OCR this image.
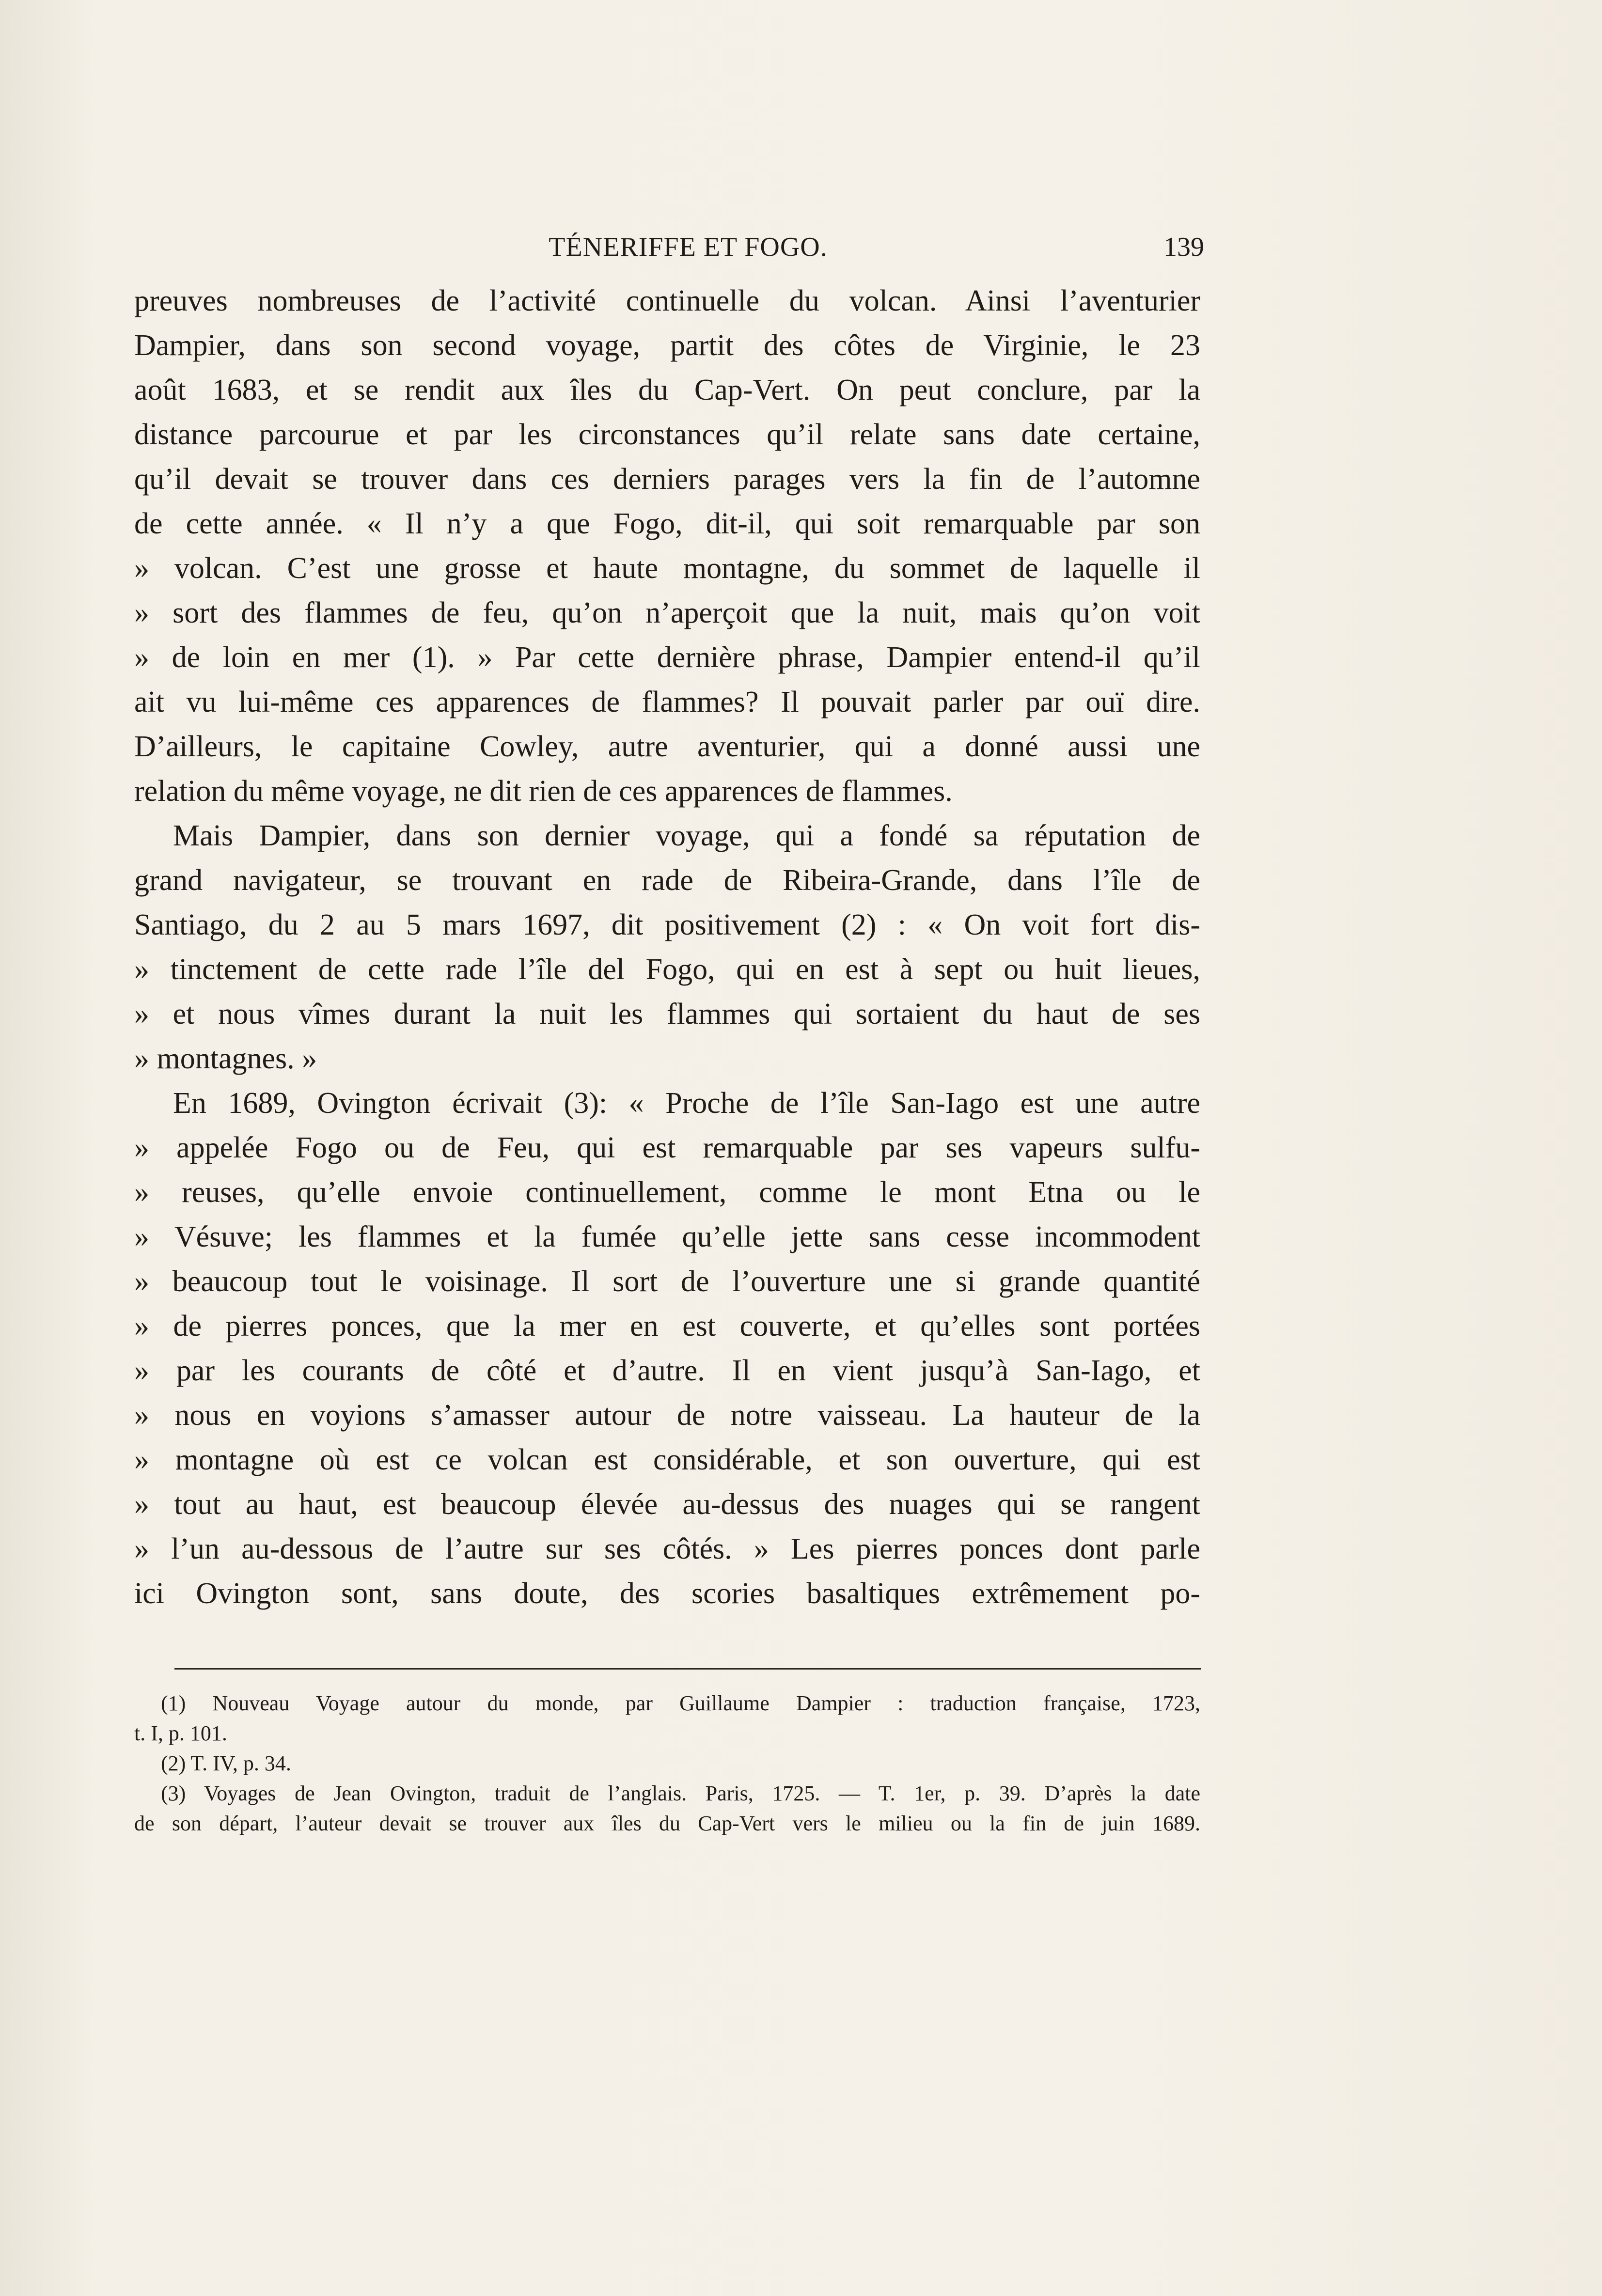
TÉNERIFFE ET FOGO.	139
preuves nombreuses de l’activité continuelle du volcan. Ainsi l’aventurier
Dampier, dans son second voyage, partit des côtes de Virginie, le 23
août 1683, et se rendit aux îles du Cap-Vert. On peut conclure, par la
distance parcourue et par les circonstances qu’il relate sans date certaine,
qu’il devait se trouver dans ces derniers parages vers la fin de l’automne
de cette année. « Il n’y a que Fogo, dit-il, qui soit remarquable par son
» volcan. C’est une grosse et haute montagne, du sommet de laquelle il
» sort des flammes de feu, qu’on n’aperçoit que la nuit, mais qu’on voit
» de loin en mer (1). » Par cette dernière phrase, Dampier entend-il qu’il
ait vu lui-même ces apparences de flammes? Il pouvait parler par ouï dire.
D’ailleurs, le capitaine Cowley, autre aventurier, qui a donné aussi une
relation du même voyage, ne dit rien de ces apparences de flammes.
Mais Dampier, dans son dernier voyage, qui a fondé sa réputation de
grand navigateur, se trouvant en rade de Ribeira-Grande, dans l’île de
Santiago, du 2 au 5 mars 1697, dit positivement (2) : « On voit fort dis-
» tinctement de cette rade l’île del Fogo, qui en est à sept ou huit lieues,
» et nous vîmes durant la nuit les flammes qui sortaient du haut de ses
» montagnes. »
En 1689, Ovington écrivait (3): « Proche de l’île San-Iago est une autre
» appelée Fogo ou de Feu, qui est remarquable par ses vapeurs sulfu-
» reuses, qu’elle envoie continuellement, comme le mont Etna ou le
» Vésuve; les flammes et la fumée qu’elle jette sans cesse incommodent
» beaucoup tout le voisinage. Il sort de l’ouverture une si grande quantité
» de pierres ponces, que la mer en est couverte, et qu’elles sont portées
» par les courants de côté et d’autre. Il en vient jusqu’à San-Iago, et
» nous en voyions s’amasser autour de notre vaisseau. La hauteur de la
» montagne où est ce volcan est considérable, et son ouverture, qui est
» tout au haut, est beaucoup élevée au-dessus des nuages qui se rangent
» l’un au-dessous de l’autre sur ses côtés. » Les pierres ponces dont parle
ici Ovington sont, sans doute, des scories basaltiques extrêmement po-
(1) Nouveau Voyage autour du monde, par Guillaume Dampier : traduction française, 1723,
t. I, p. 101.
(2) T. IV, p. 34.
(3) Voyages de Jean Ovington, traduit de l’anglais. Paris, 1725. — T. 1er, p. 39. D’après la date
de son départ, l’auteur devait se trouver aux îles du Cap-Vert vers le milieu ou la fin de juin 1689.
